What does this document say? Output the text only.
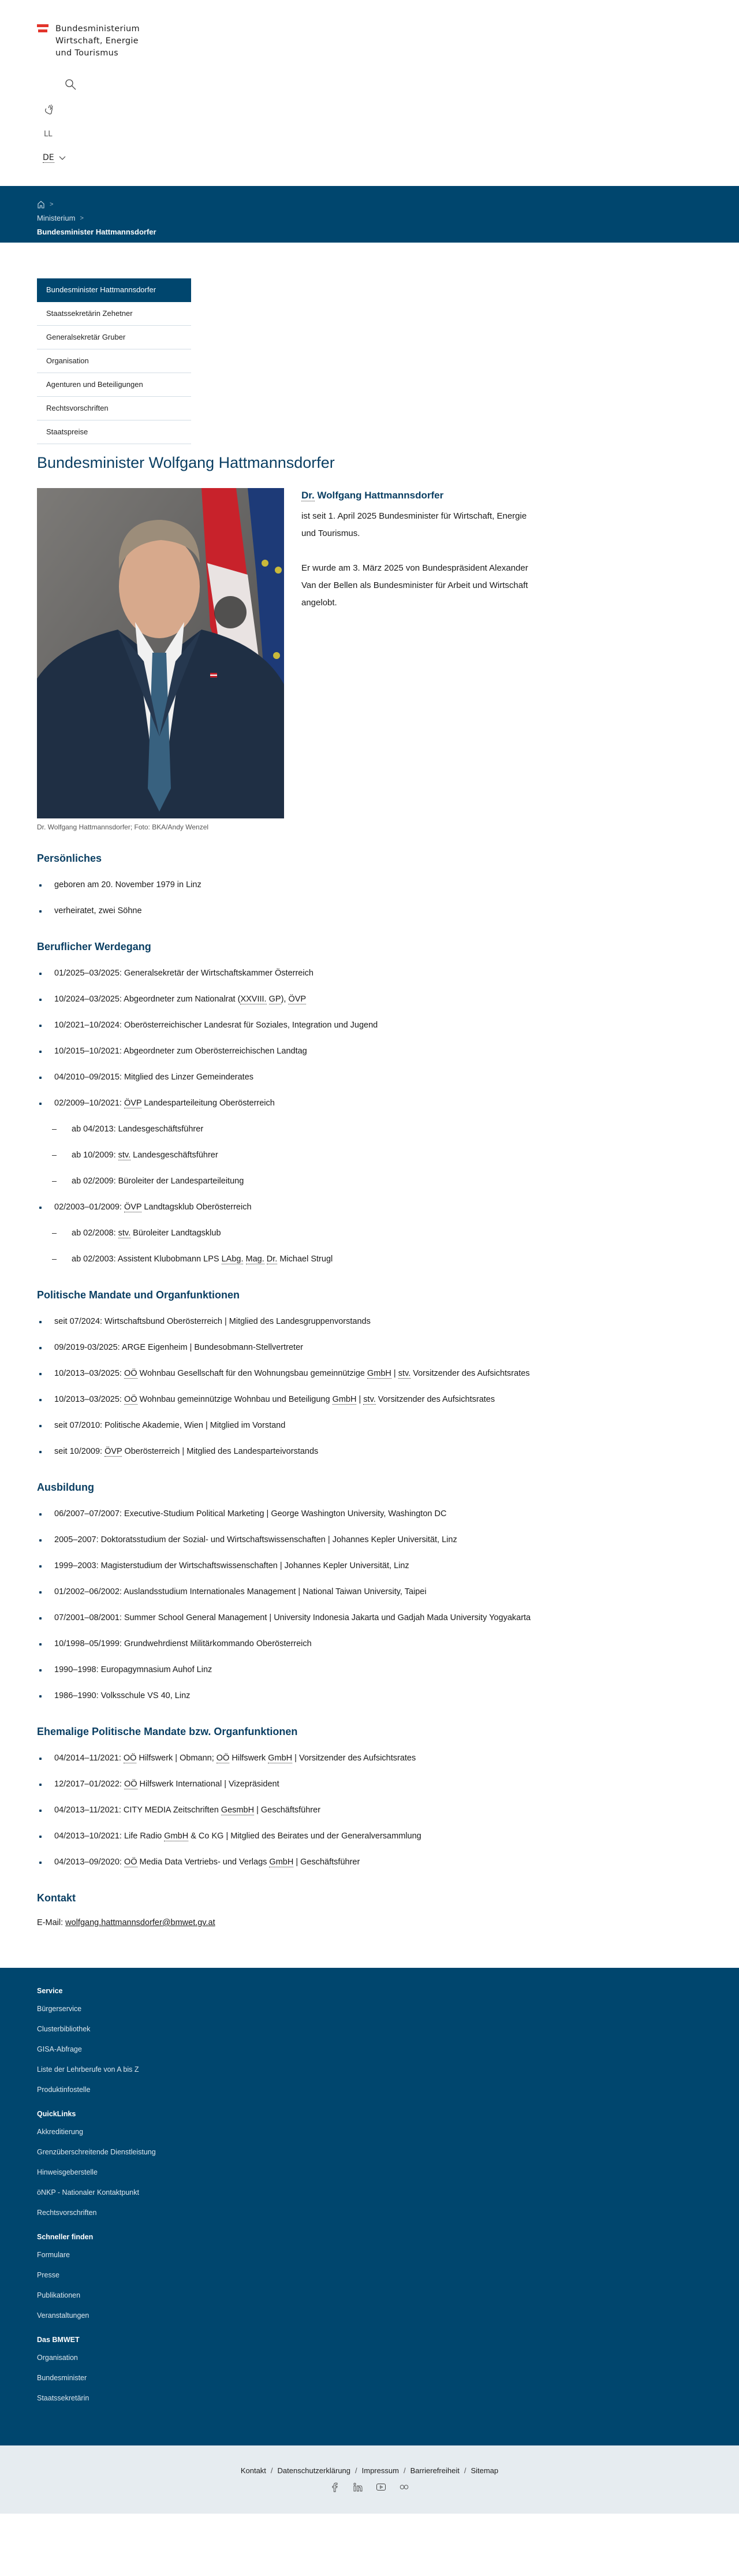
Bundesministerium
Wirtschaft, Energie
und Tourismus
LL
DE
>
Ministerium >
Bundesminister Hattmannsdorfer
Bundesminister Hattmannsdorfer
Staatssekretärin Zehetner
Generalsekretär Gruber
Organisation
Agenturen und Beteiligungen
Rechtsvorschriften
Staatspreise
Bundesminister Wolfgang Hattmannsdorfer
Dr. Wolfgang Hattmannsdorfer; Foto: BKA/Andy Wenzel
Dr. Wolfgang Hattmannsdorfer

ist seit 1. April 2025 Bundesminister für Wirtschaft, Energie und Tourismus.

Er wurde am 3. März 2025 von Bundespräsident Alexander Van der Bellen als Bundesminister für Arbeit und Wirtschaft angelobt.

Persönliches
geboren am 20. November 1979 in Linz
verheiratet, zwei Söhne
Beruflicher Werdegang
01/2025–03/2025: Generalsekretär der Wirtschaftskammer Österreich
10/2024–03/2025: Abgeordneter zum Nationalrat (XXVIII. GP), ÖVP
10/2021–10/2024: Oberösterreichischer Landesrat für Soziales, Integration und Jugend
10/2015–10/2021: Abgeordneter zum Oberösterreichischen Landtag
04/2010–09/2015: Mitglied des Linzer Gemeinderates
02/2009–10/2021: ÖVP Landesparteileitung Oberösterreich
ab 04/2013: Landesgeschäftsführer
ab 10/2009: stv. Landesgeschäftsführer
ab 02/2009: Büroleiter der Landesparteileitung
02/2003–01/2009: ÖVP Landtagsklub Oberösterreich
ab 02/2008: stv. Büroleiter Landtagsklub
ab 02/2003: Assistent Klubobmann LPS LAbg. Mag. Dr. Michael Strugl
Politische Mandate und Organfunktionen
seit 07/2024: Wirtschaftsbund Oberösterreich | Mitglied des Landesgruppenvorstands
09/2019-03/2025: ARGE Eigenheim | Bundesobmann-Stellvertreter
10/2013–03/2025: OÖ Wohnbau Gesellschaft für den Wohnungsbau gemeinnützige GmbH | stv. Vorsitzender des Aufsichtsrates
10/2013–03/2025: OÖ Wohnbau gemeinnützige Wohnbau und Beteiligung GmbH | stv. Vorsitzender des Aufsichtsrates
seit 07/2010: Politische Akademie, Wien | Mitglied im Vorstand
seit 10/2009: ÖVP Oberösterreich | Mitglied des Landesparteivorstands
Ausbildung
06/2007–07/2007: Executive-Studium Political Marketing | George Washington University, Washington DC
2005–2007: Doktoratsstudium der Sozial- und Wirtschaftswissenschaften | Johannes Kepler Universität, Linz
1999–2003: Magisterstudium der Wirtschaftswissenschaften | Johannes Kepler Universität, Linz
01/2002–06/2002: Auslandsstudium Internationales Management | National Taiwan University, Taipei
07/2001–08/2001: Summer School General Management | University Indonesia Jakarta und Gadjah Mada University Yogyakarta
10/1998–05/1999: Grundwehrdienst Militärkommando Oberösterreich
1990–1998: Europagymnasium Auhof Linz
1986–1990: Volksschule VS 40, Linz
Ehemalige Politische Mandate bzw. Organfunktionen
04/2014–11/2021: OÖ Hilfswerk | Obmann; OÖ Hilfswerk GmbH | Vorsitzender des Aufsichtsrates
12/2017–01/2022: OÖ Hilfswerk International | Vizepräsident
04/2013–11/2021: CITY MEDIA Zeitschriften GesmbH | Geschäftsführer
04/2013–10/2021: Life Radio GmbH & Co KG | Mitglied des Beirates und der Generalversammlung
04/2013–09/2020: OÖ Media Data Vertriebs- und Verlags GmbH | Geschäftsführer
Kontakt
E-Mail: wolfgang.hattmannsdorfer@bmwet.gv.at
Service
Bürgerservice
Clusterbibliothek
GISA-Abfrage
Liste der Lehrberufe von A bis Z
Produktinfostelle
QuickLinks
Akkreditierung
Grenzüberschreitende Dienstleistung
Hinweisgeberstelle
öNKP - Nationaler Kontaktpunkt
Rechtsvorschriften
Schneller finden
Formulare
Presse
Publikationen
Veranstaltungen
Das BMWET
Organisation
Bundesminister
Staatssekretärin
Kontakt / Datenschutzerklärung / Impressum / Barrierefreiheit / Sitemap
